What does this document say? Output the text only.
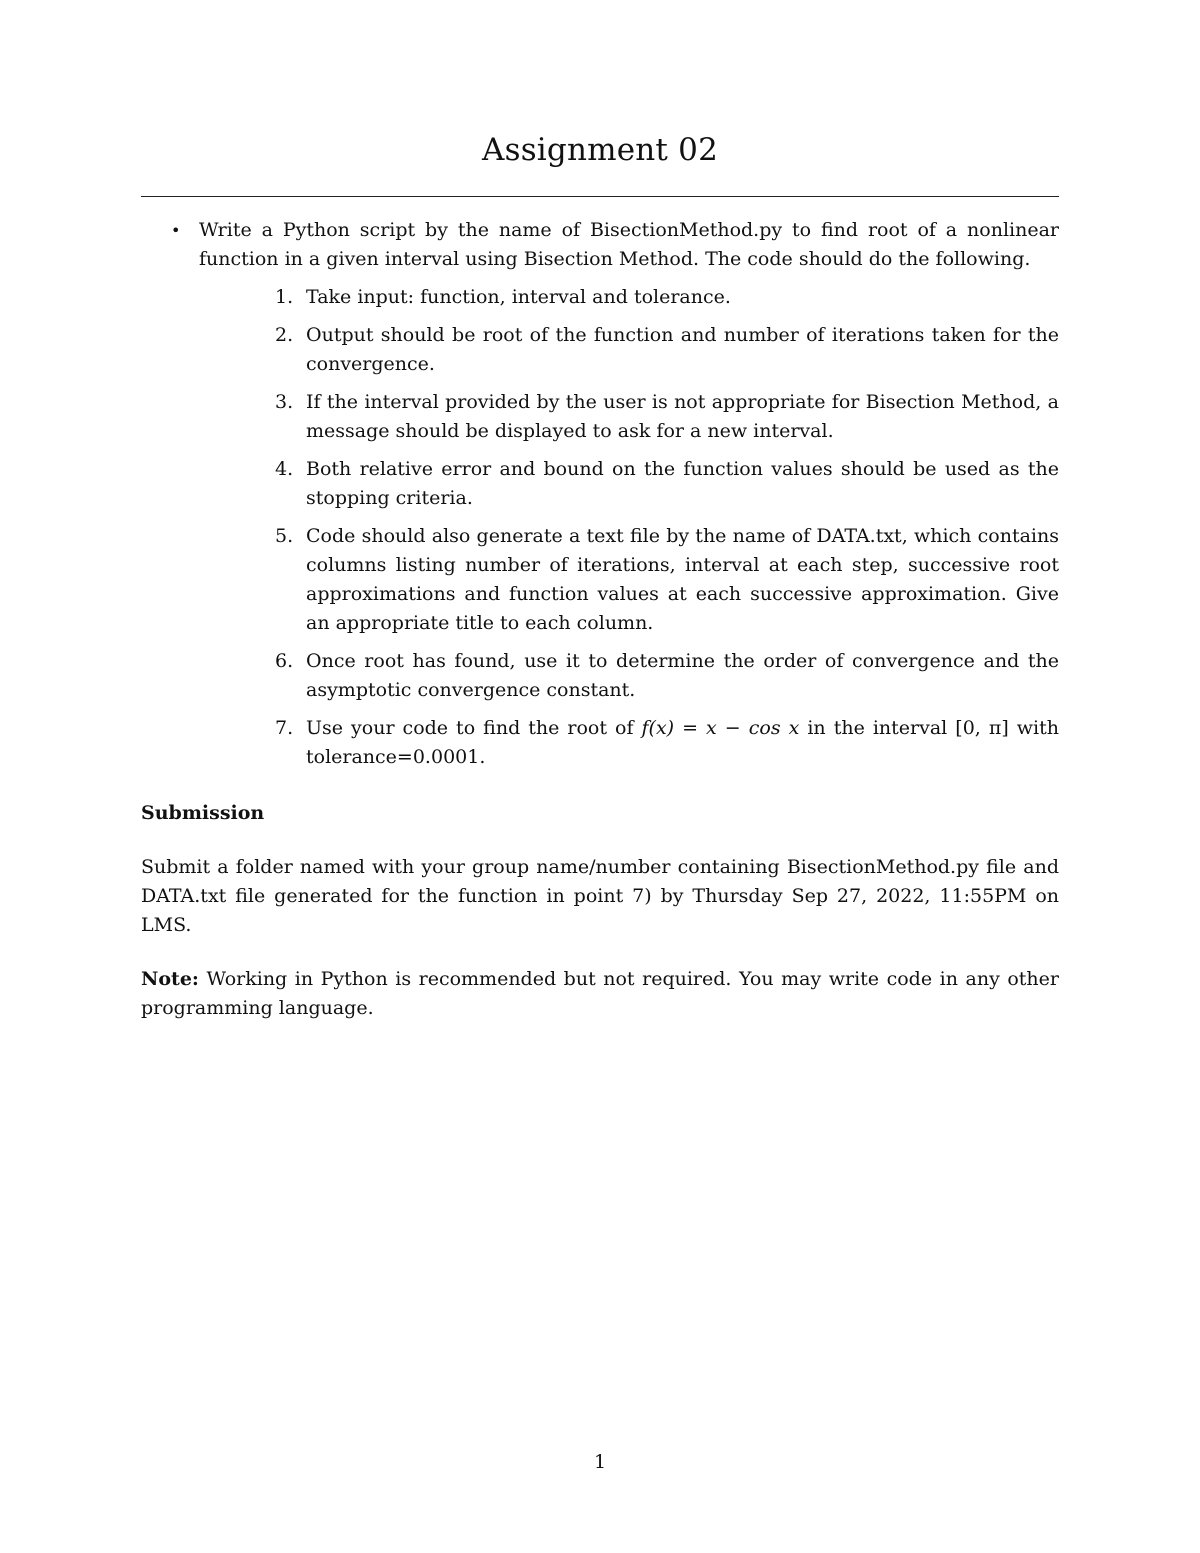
Assignment 02
• Write a Python script by the name of BisectionMethod.py to find root of a nonlinear function in a given interval using Bisection Method. The code should do the following.
1. Take input: function, interval and tolerance.
2. Output should be root of the function and number of iterations taken for the convergence.
3. If the interval provided by the user is not appropriate for Bisection Method, a message should be displayed to ask for a new interval.
4. Both relative error and bound on the function values should be used as the stopping criteria.
5. Code should also generate a text file by the name of DATA.txt, which contains columns listing number of iterations, interval at each step, successive root approximations and function values at each successive approximation. Give an appropriate title to each column.
6. Once root has found, use it to determine the order of convergence and the asymptotic convergence constant.
7. Use your code to find the root of f(x) = x − cos x in the interval [0, π] with tolerance=0.0001.
Submission
Submit a folder named with your group name/number containing BisectionMethod.py file and DATA.txt file generated for the function in point 7) by Thursday Sep 27, 2022, 11:55PM on LMS.
Note: Working in Python is recommended but not required. You may write code in any other programming language.
1
